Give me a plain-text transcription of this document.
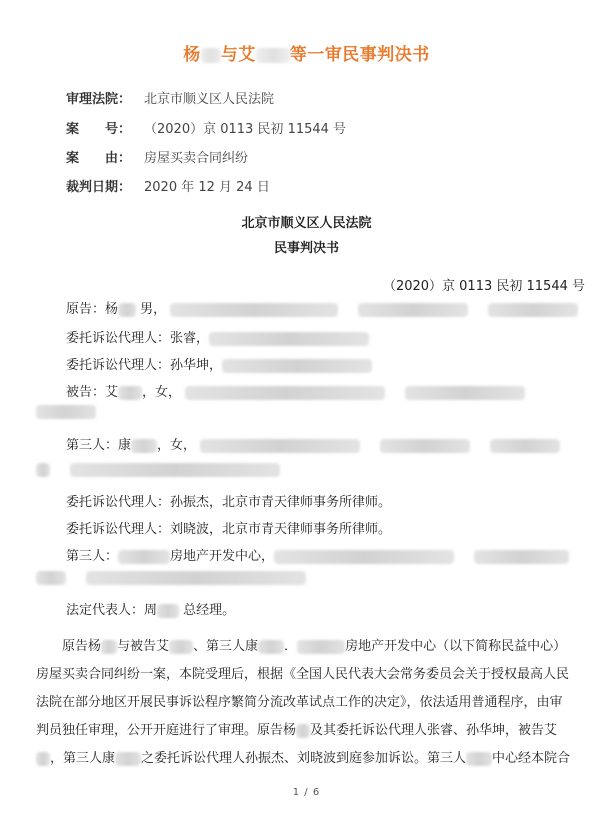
杨 与艾 等一审民事判决书
审理法院： 北京市顺义区人民法院
案　　号： （2020）京 0113 民初 11544 号
案　　由： 房屋买卖合同纠纷
裁判日期： 2020 年 12 月 24 日
北京市顺义区人民法院
民事判决书
（2020）京 0113 民初 11544 号
原告：杨 男，
委托诉讼代理人：张睿，
委托诉讼代理人：孙华坤，
被告：艾 ，女，
第三人：康 ，女，
委托诉讼代理人：孙振杰，北京市青天律师事务所律师。
委托诉讼代理人：刘晓波，北京市青天律师事务所律师。
第三人：	房地产开发中心，
法定代表人：周 总经理。
原告杨 与被告艾 、第三人康 ．	房地产开发中心（以下简称民益中心）
房屋买卖合同纠纷一案，本院受理后，根据《全国人民代表大会常务委员会关于授权最高人民
法院在部分地区开展民事诉讼程序繁简分流改革试点工作的决定》，依法适用普通程序，由审
判员独任审理，公开开庭进行了审理。原告杨 及其委托诉讼代理人张睿、孙华坤，被告艾
，第三人康 之委托诉讼代理人孙振杰、刘晓波到庭参加诉讼。第三人 中心经本院合
1 / 6
